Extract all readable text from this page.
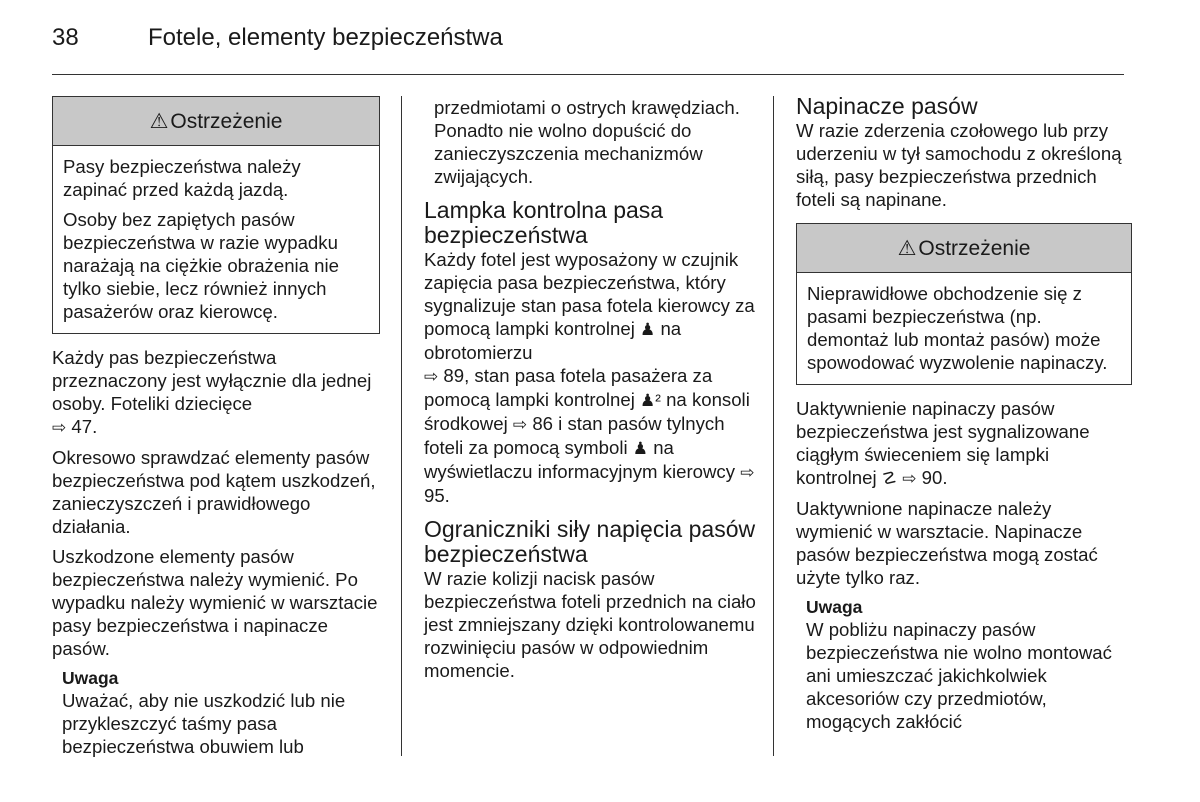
38	Fotele, elementy bezpieczeństwa
⚠ Ostrzeżenie

Pasy bezpieczeństwa należy zapinać przed każdą jazdą.

Osoby bez zapiętych pasów bezpieczeństwa w razie wypadku narażają na ciężkie obrażenia nie tylko siebie, lecz również innych pasażerów oraz kierowcę.

Każdy pas bezpieczeństwa przeznaczony jest wyłącznie dla jednej osoby. Foteliki dziecięce
⇨ 47.

Okresowo sprawdzać elementy pasów bezpieczeństwa pod kątem uszkodzeń, zanieczyszczeń i prawidłowego działania.

Uszkodzone elementy pasów bezpieczeństwa należy wymienić. Po wypadku należy wymienić w warsztacie pasy bezpieczeństwa i napinacze pasów.

Uwaga
Uważać, aby nie uszkodzić lub nie przykleszczyć taśmy pasa bezpieczeństwa obuwiem lub

przedmiotami o ostrych krawędziach. Ponadto nie wolno dopuścić do zanieczyszczenia mechanizmów zwijających.

Lampka kontrolna pasa bezpieczeństwa

Każdy fotel jest wyposażony w czujnik zapięcia pasa bezpieczeństwa, który sygnalizuje stan pasa fotela kierowcy za pomocą lampki kontrolnej ♟ na obrotomierzu
⇨ 89, stan pasa fotela pasażera za pomocą lampki kontrolnej ♟² na konsoli środkowej ⇨ 86 i stan pasów tylnych foteli za pomocą symboli ♟ na wyświetlaczu informacyjnym kierowcy ⇨ 95.

Ograniczniki siły napięcia pasów bezpieczeństwa

W razie kolizji nacisk pasów bezpieczeństwa foteli przednich na ciało jest zmniejszany dzięki kontrolowanemu rozwinięciu pasów w odpowiednim momencie.

Napinacze pasów

W razie zderzenia czołowego lub przy uderzeniu w tył samochodu z określoną siłą, pasy bezpieczeństwa przednich foteli są napinane.

⚠ Ostrzeżenie

Nieprawidłowe obchodzenie się z pasami bezpieczeństwa (np. demontaż lub montaż pasów) może spowodować wyzwolenie napinaczy.

Uaktywnienie napinaczy pasów bezpieczeństwa jest sygnalizowane ciągłym świeceniem się lampki kontrolnej ☡ ⇨ 90.

Uaktywnione napinacze należy wymienić w warsztacie. Napinacze pasów bezpieczeństwa mogą zostać użyte tylko raz.

Uwaga
W pobliżu napinaczy pasów bezpieczeństwa nie wolno montować ani umieszczać jakichkolwiek akcesoriów czy przedmiotów, mogących zakłócić
